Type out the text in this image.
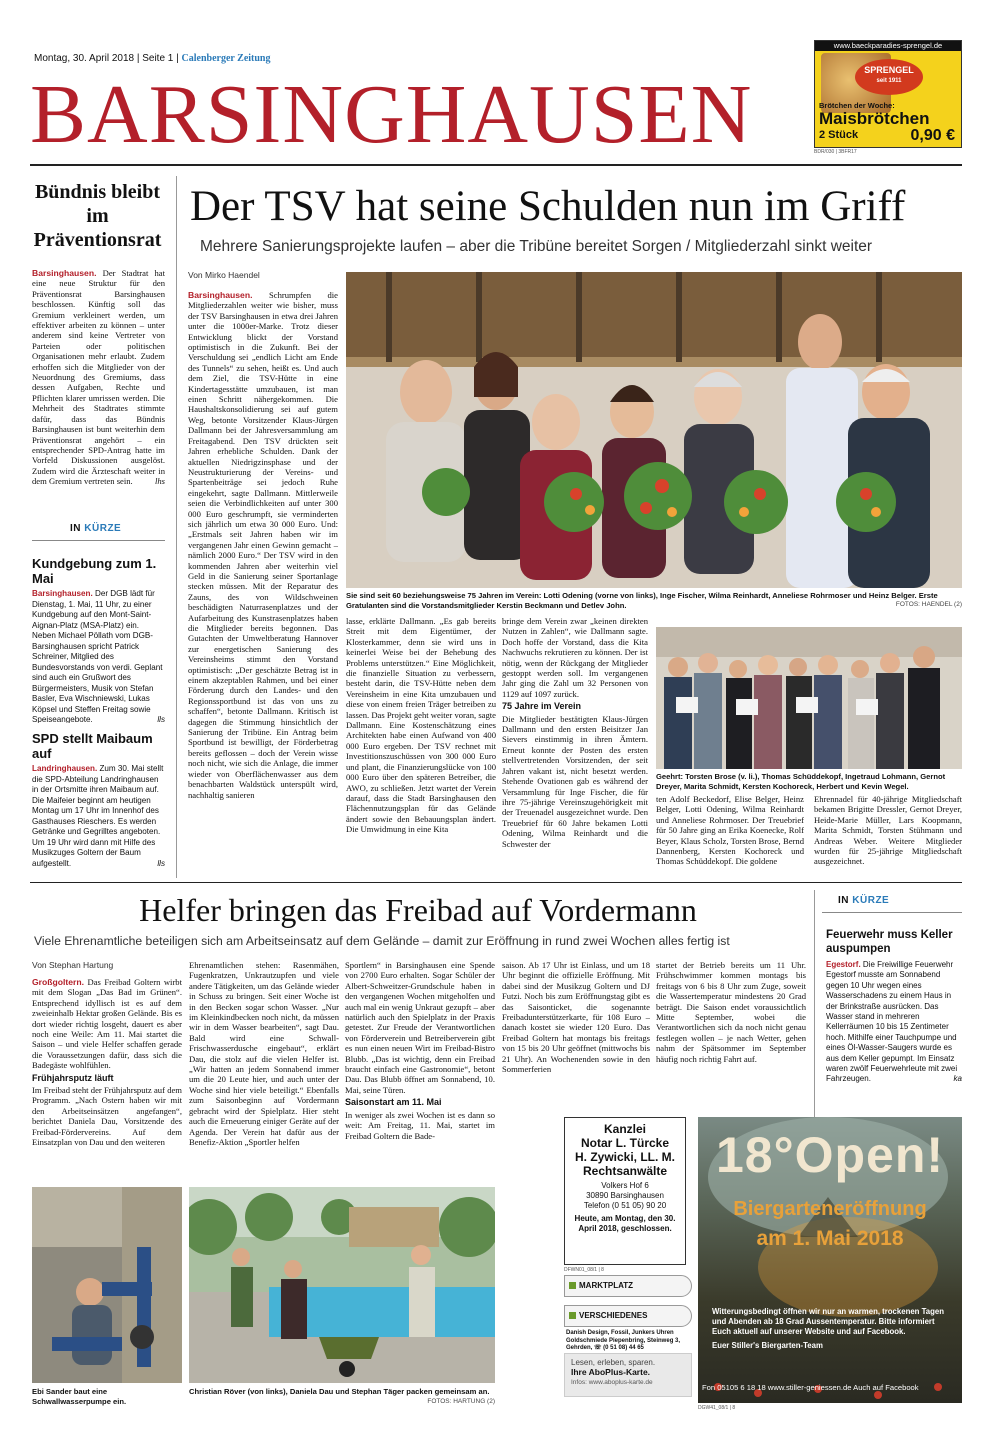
Montag, 30. April 2018 | Seite 1 | Calenberger Zeitung
BARSINGHAUSEN
www.baeckparadies-sprengel.de
SPRENGEL
seit 1911
Brötchen der Woche:
Maisbrötchen
2 Stück	0,90 €
BDR/030 | 3BFR17
Bündnis bleibt im Präventionsrat
Barsinghausen. Der Stadtrat hat eine neue Struktur für den Präventionsrat Barsinghausen beschlossen. Künftig soll das Gremium verkleinert werden, um effektiver arbeiten zu können – unter anderem sind keine Vertreter von Parteien oder politischen Organisationen mehr erlaubt. Zudem erhoffen sich die Mitglieder von der Neuordnung des Gremiums, dass dessen Aufgaben, Rechte und Pflichten klarer umrissen werden. Die Mehrheit des Stadtrates stimmte dafür, dass das Bündnis Barsinghausen ist bunt weiterhin dem Präventionsrat angehört – ein entsprechender SPD-Antrag hatte im Vorfeld Diskussionen ausgelöst. Zudem wird die Ärzteschaft weiter in dem Gremium vertreten sein.	lhs
IN KÜRZE
Kundgebung zum 1. Mai
Barsinghausen. Der DGB lädt für Dienstag, 1. Mai, 11 Uhr, zu einer Kundgebung auf den Mont-Saint-Aignan-Platz (MSA-Platz) ein. Neben Michael Pöllath vom DGB-Barsinghausen spricht Patrick Schreiner, Mitglied des Bundesvorstands von verdi. Geplant sind auch ein Grußwort des Bürgermeisters, Musik von Stefan Basler, Eva Wischniewski, Lukas Köpsel und Steffen Freitag sowie Speiseangebote.	lls
SPD stellt Maibaum auf
Landringhausen. Zum 30. Mai stellt die SPD-Abteilung Landringhausen in der Ortsmitte ihren Maibaum auf. Die Maifeier beginnt am heutigen Montag um 17 Uhr im Innenhof des Gasthauses Rieschers. Es werden Getränke und Gegrilltes angeboten. Um 19 Uhr wird dann mit Hilfe des Musikzuges Goltern der Baum aufgestellt.	lls
Der TSV hat seine Schulden nun im Griff
Mehrere Sanierungsprojekte laufen – aber die Tribüne bereitet Sorgen / Mitgliederzahl sinkt weiter
Von Mirko Haendel
Barsinghausen. Schrumpfen die Mitgliederzahlen weiter wie bisher, muss der TSV Barsinghausen in etwa drei Jahren unter die 1000er-Marke. Trotz dieser Entwicklung blickt der Vorstand optimistisch in die Zukunft. Bei der Verschuldung sei „endlich Licht am Ende des Tunnels“ zu sehen, heißt es. Und auch dem Ziel, die TSV-Hütte in eine Kindertagesstätte umzubauen, ist man einen Schritt nähergekommen. Die Haushaltskonsolidierung sei auf gutem Weg, betonte Vorsitzender Klaus-Jürgen Dallmann bei der Jahresversammlung am Freitagabend. Den TSV drückten seit Jahren erhebliche Schulden. Dank der aktuellen Niedrigzinsphase und der Neustrukturierung der Vereins- und Spartenbeiträge sei jedoch Ruhe eingekehrt, sagte Dallmann. Mittlerweile seien die Verbindlichkeiten auf unter 300 000 Euro geschrumpft, sie verminderten sich jährlich um etwa 30 000 Euro. Und: „Erstmals seit Jahren haben wir im vergangenen Jahr einen Gewinn gemacht – nämlich 2000 Euro.“ Der TSV wird in den kommenden Jahren aber weiterhin viel Geld in die Sanierung seiner Sportanlage stecken müssen. Mit der Reparatur des Zauns, des von Wildschweinen beschädigten Naturrasenplatzes und der Aufarbeitung des Kunstrasenplatzes haben die Mitglieder bereits begonnen. Das Gutachten der Umweltberatung Hannover zur energetischen Sanierung des Vereinsheims stimmt den Vorstand optimistisch: „Der geschätzte Betrag ist in einem akzeptablen Rahmen, und bei einer Förderung durch den Landes- und den Regionssportbund ist das von uns zu schaffen“, betonte Dallmann. Kritisch ist dagegen die Stimmung hinsichtlich der Sanierung der Tribüne. Ein Antrag beim Sportbund ist bewilligt, der Förderbetrag bereits geflossen – doch der Verein wisse noch nicht, wie sich die Anlage, die immer wieder von Oberflächenwasser aus dem benachbarten Waldstück unterspült wird, nachhaltig sanieren
Sie sind seit 60 beziehungsweise 75 Jahren im Verein: Lotti Odening (vorne von links), Inge Fischer, Wilma Reinhardt, Anneliese Rohrmoser und Heinz Belger. Erste Gratulanten sind die Vorstandsmitglieder Kerstin Beckmann und Detlev John.	FOTOS: HAENDEL (2)
lasse, erklärte Dallmann. „Es gab bereits Streit mit dem Eigentümer, der Klosterkammer, denn sie wird uns in keinerlei Weise bei der Behebung des Problems unterstützen.“ Eine Möglichkeit, die finanzielle Situation zu verbessern, besteht darin, die TSV-Hütte neben dem Vereinsheim in eine Kita umzubauen und diese von einem freien Träger betreiben zu lassen. Das Projekt geht weiter voran, sagte Dallmann. Eine Kostenschätzung eines Architekten habe einen Aufwand von 400 000 Euro ergeben. Der TSV rechnet mit Investitionszuschüssen von 300 000 Euro und plant, die Finanzierungslücke von 100 000 Euro über den späteren Betreiber, die AWO, zu schließen. Jetzt wartet der Verein darauf, dass die Stadt Barsinghausen den Flächennutzungsplan für das Gelände ändert sowie den Bebauungsplan ändert. Die Umwidmung in eine Kita
bringe dem Verein zwar „keinen direkten Nutzen in Zahlen“, wie Dallmann sagte. Doch hoffe der Vorstand, dass die Kita Nachwuchs rekrutieren zu können. Der ist nötig, wenn der Rückgang der Mitglieder gestoppt werden soll. Im vergangenen Jahr ging die Zahl um 32 Personen von 1129 auf 1097 zurück.
75 Jahre im Verein
Die Mitglieder bestätigten Klaus-Jürgen Dallmann und den ersten Beisitzer Jan Sievers einstimmig in ihren Ämtern. Erneut konnte der Posten des ersten stellvertretenden Vorsitzenden, der seit Jahren vakant ist, nicht besetzt werden. Stehende Ovationen gab es während der Versammlung für Inge Fischer, die für ihre 75-jährige Vereinszugehörigkeit mit der Treuenadel ausgezeichnet wurde. Den Treuebrief für 60 Jahre bekamen Lotti Odening, Wilma Reinhardt und die Schwester der
Geehrt: Torsten Brose (v. li.), Thomas Schüddekopf, Ingetraud Lohmann, Gernot Dreyer, Marita Schmidt, Kersten Kochoreck, Herbert und Kevin Wegel.
ten Adolf Beckedorf, Elise Belger, Heinz Belger, Lotti Odening, Wilma Reinhardt und Anneliese Rohrmoser. Der Treuebrief für 50 Jahre ging an Erika Koenecke, Rolf Beyer, Klaus Scholz, Torsten Brose, Bernd Dannenberg, Kersten Kochoreck und Thomas Schüddekopf. Die goldene
Ehrennadel für 40-jährige Mitgliedschaft bekamen Brigitte Dressler, Gernot Dreyer, Heide-Marie Müller, Lars Koopmann, Marita Schmidt, Torsten Stühmann und Andreas Weber. Weitere Mitglieder wurden für 25-jährige Mitgliedschaft ausgezeichnet.
Helfer bringen das Freibad auf Vordermann
Viele Ehrenamtliche beteiligen sich am Arbeitseinsatz auf dem Gelände – damit zur Eröffnung in rund zwei Wochen alles fertig ist
Von Stephan Hartung
Großgoltern. Das Freibad Goltern wirbt mit dem Slogan „Das Bad im Grünen“. Entsprechend idyllisch ist es auf dem zweieinhalb Hektar großen Gelände. Bis es dort wieder richtig losgeht, dauert es aber noch eine Weile: Am 11. Mai startet die Saison – und viele Helfer schaffen gerade die Voraussetzungen dafür, dass sich die Badegäste wohlfühlen.
Frühjahrsputz läuft
Im Freibad steht der Frühjahrsputz auf dem Programm. „Nach Ostern haben wir mit den Arbeitseinsätzen angefangen“, berichtet Daniela Dau, Vorsitzende des Freibad-Fördervereins. Auf dem Einsatzplan von Dau und den weiteren
Ehrenamtlichen stehen: Rasenmähen, Fugenkratzen, Unkrautzupfen und viele andere Tätigkeiten, um das Gelände wieder in Schuss zu bringen. Seit einer Woche ist in den Becken sogar schon Wasser. „Nur im Kleinkindbecken noch nicht, da müssen wir in dem Wasser bearbeiten“, sagt Dau. Bald wird eine Schwall-Frischwasserdusche eingebaut“, erklärt Dau, die stolz auf die vielen Helfer ist. „Wir hatten an jedem Sonnabend immer um die 20 Leute hier, und auch unter der Woche sind hier viele beteiligt.“ Ebenfalls zum Saisonbeginn auf Vordermann gebracht wird der Spielplatz. Hier steht auch die Erneuerung einiger Geräte auf der Agenda. Der Verein hat dafür aus der Benefiz-Aktion „Sportler helfen
Sportlern“ in Barsinghausen eine Spende von 2700 Euro erhalten. Sogar Schüler der Albert-Schweitzer-Grundschule haben in den vergangenen Wochen mitgeholfen und auch mal ein wenig Unkraut gezupft – aber natürlich auch den Spielplatz in der Praxis getestet. Zur Freude der Verantwortlichen von Förderverein und Betreiberverein gibt es nun einen neuen Wirt im Freibad-Bistro Blubb. „Das ist wichtig, denn ein Freibad braucht einfach eine Gastronomie“, betont Dau. Das Blubb öffnet am Sonnabend, 10. Mai, seine Türen.
Saisonstart am 11. Mai
In weniger als zwei Wochen ist es dann so weit: Am Freitag, 11. Mai, startet im Freibad Goltern die Bade-
saison. Ab 17 Uhr ist Einlass, und um 18 Uhr beginnt die offizielle Eröffnung. Mit dabei sind der Musikzug Goltern und DJ Futzi. Noch bis zum Eröffnungstag gibt es das Saisonticket, die sogenannte Freibadunterstützerkarte, für 108 Euro – danach kostet sie wieder 120 Euro. Das Freibad Goltern hat montags bis freitags von 15 bis 20 Uhr geöffnet (mittwochs bis 21 Uhr). An Wochenenden sowie in den Sommerferien
startet der Betrieb bereits um 11 Uhr. Frühschwimmer kommen montags bis freitags von 6 bis 8 Uhr zum Zuge, soweit die Wassertemperatur mindestens 20 Grad beträgt. Die Saison endet voraussichtlich Mitte September, wobei die Verantwortlichen sich da noch nicht genau festlegen wollen – je nach Wetter, gehen nahm der Spätsommer im September häufig noch richtig Fahrt auf.
Ebi Sander baut eine Schwallwasserpumpe ein.
Christian Röver (von links), Daniela Dau und Stephan Täger packen gemeinsam an.
FOTOS: HARTUNG (2)
IN KÜRZE
Feuerwehr muss Keller auspumpen
Egestorf. Die Freiwillige Feuerwehr Egestorf musste am Sonnabend gegen 10 Uhr wegen eines Wasserschadens zu einem Haus in der Brinkstraße ausrücken. Das Wasser stand in mehreren Kellerräumen 10 bis 15 Zentimeter hoch. Mithilfe einer Tauchpumpe und eines Öl-Wasser-Saugers wurde es aus dem Keller gepumpt. Im Einsatz waren zwölf Feuerwehrleute mit zwei Fahrzeugen.	ka
Kanzlei
Notar L. Türcke
H. Zywicki, LL. M.
Rechtsanwälte
Volkers Hof 6
30890 Barsinghausen
Telefon (0 51 05) 90 20
Heute, am Montag, den 30. April 2018, geschlossen.
DFWN01_08/1 | 8
MARKTPLATZ
VERSCHIEDENES
Danish Design, Fossil, Junkers Uhren Goldschmiede Piepenbring, Steinweg 3, Gehrden, ☏ (0 51 08) 44 65
Lesen, erleben, sparen.
Ihre AboPlus-Karte.
Infos: www.aboplus-karte.de
18°Open!
Biergarteneröffnung
am 1. Mai 2018
Witterungsbedingt öffnen wir nur an warmen, trockenen Tagen und Abenden ab 18 Grad Aussentemperatur. Bitte informiert Euch aktuell auf unserer Website und auf Facebook.
Euer Stiller's Biergarten-Team
Fon 05105 6 18 18 www.stiller-geniessen.de Auch auf Facebook
DGW41_08/1 | 8
